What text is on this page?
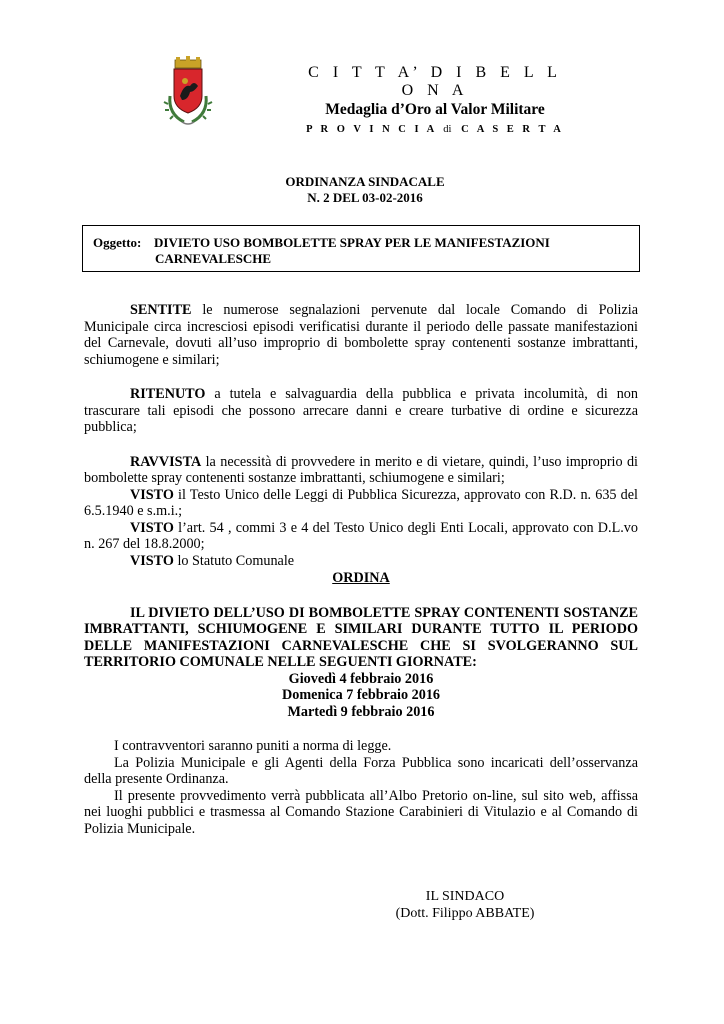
C I T T A’ D I B E L L O N A
Medaglia d’Oro al Valor Militare
P R O V I N C I A di C A S E R T A
ORDINANZA SINDACALE
N. 2 DEL 03-02-2016
Oggetto: DIVIETO USO BOMBOLETTE SPRAY PER LE MANIFESTAZIONI
CARNEVALESCHE

SENTITE le numerose segnalazioni pervenute dal locale Comando di Polizia Municipale circa incresciosi episodi verificatisi durante il periodo delle passate manifestazioni del Carnevale, dovuti all’uso improprio di bombolette spray contenenti sostanze imbrattanti, schiumogene e similari;

RITENUTO a tutela e salvaguardia della pubblica e privata incolumità, di non trascurare tali episodi che possono arrecare danni e creare turbative di ordine e sicurezza pubblica;

RAVVISTA la necessità di provvedere in merito e di vietare, quindi, l’uso improprio di bombolette spray contenenti sostanze imbrattanti, schiumogene e similari;

VISTO il Testo Unico delle Leggi di Pubblica Sicurezza, approvato con R.D. n. 635 del 6.5.1940 e s.m.i.;

VISTO l’art. 54 , commi 3 e 4 del Testo Unico degli Enti Locali, approvato con D.L.vo n. 267 del 18.8.2000;

VISTO lo Statuto Comunale

ORDINA

IL DIVIETO DELL’USO DI BOMBOLETTE SPRAY CONTENENTI SOSTANZE IMBRATTANTI, SCHIUMOGENE E SIMILARI DURANTE TUTTO IL PERIODO DELLE MANIFESTAZIONI CARNEVALESCHE CHE SI SVOLGERANNO SUL TERRITORIO COMUNALE NELLE SEGUENTI GIORNATE:

Giovedì 4 febbraio 2016

Domenica 7 febbraio 2016

Martedì 9 febbraio 2016

I contravventori saranno puniti a norma di legge.

La Polizia Municipale e gli Agenti della Forza Pubblica sono incaricati dell’osservanza della presente Ordinanza.

Il presente provvedimento verrà pubblicata all’Albo Pretorio on-line, sul sito web, affissa nei luoghi pubblici e trasmessa al Comando Stazione Carabinieri di Vitulazio e al Comando di Polizia Municipale.

IL SINDACO
(Dott. Filippo ABBATE)
